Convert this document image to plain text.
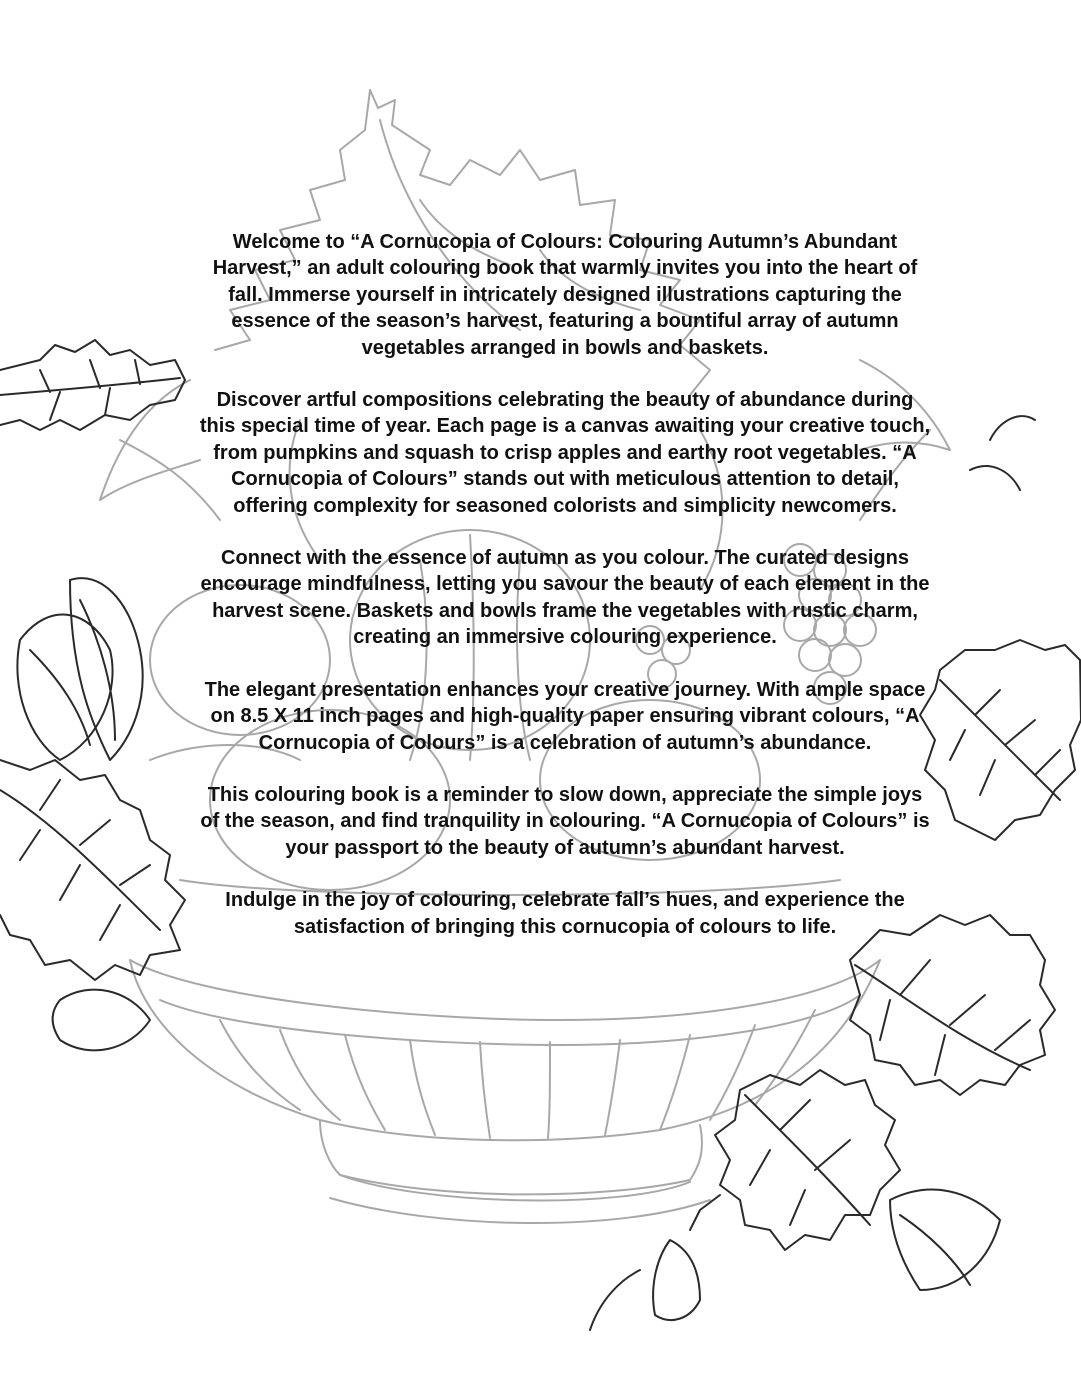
Welcome to “A Cornucopia of Colours: Colouring Autumn’s Abundant
Harvest,” an adult colouring book that warmly invites you into the heart of
fall. Immerse yourself in intricately designed illustrations capturing the
essence of the season’s harvest, featuring a bountiful array of autumn
vegetables arranged in bowls and baskets.
Discover artful compositions celebrating the beauty of abundance during
this special time of year. Each page is a canvas awaiting your creative touch,
from pumpkins and squash to crisp apples and earthy root vegetables. “A
Cornucopia of Colours” stands out with meticulous attention to detail,
offering complexity for seasoned colorists and simplicity newcomers.
Connect with the essence of autumn as you colour. The curated designs
encourage mindfulness, letting you savour the beauty of each element in the
harvest scene. Baskets and bowls frame the vegetables with rustic charm,
creating an immersive colouring experience.
The elegant presentation enhances your creative journey. With ample space
on 8.5 X 11 inch pages and high-quality paper ensuring vibrant colours, “A
Cornucopia of Colours” is a celebration of autumn’s abundance.
This colouring book is a reminder to slow down, appreciate the simple joys
of the season, and find tranquility in colouring. “A Cornucopia of Colours” is
your passport to the beauty of autumn’s abundant harvest.
Indulge in the joy of colouring, celebrate fall’s hues, and experience the
satisfaction of bringing this cornucopia of colours to life.
